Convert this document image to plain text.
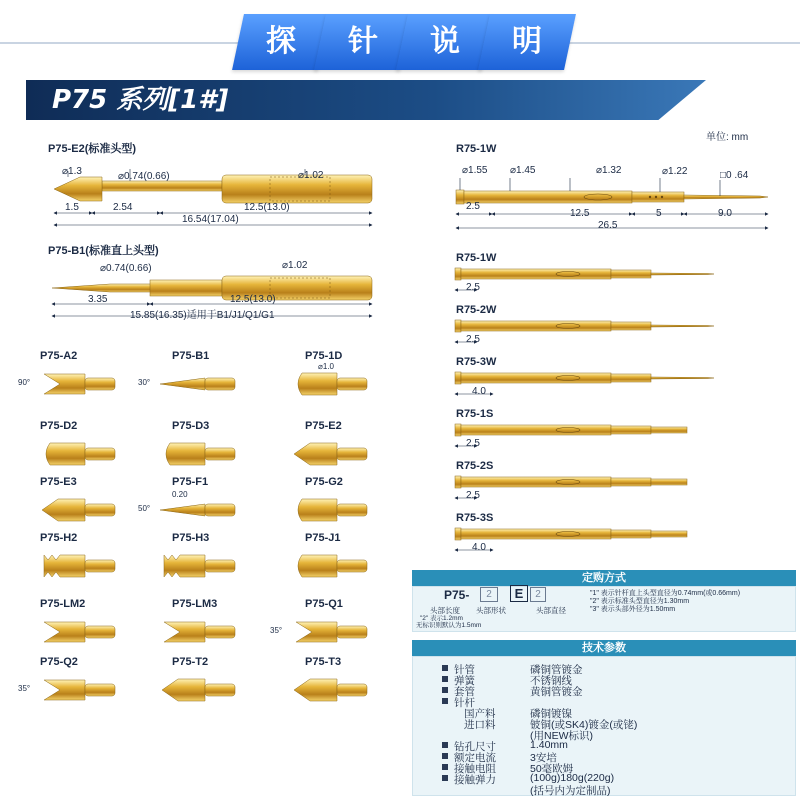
探	针	说	明
P75 系列[1#]
P75-E2(标准头型)
⌀1.3	⌀0.74(0.66)	⌀1.02
1.5	2.54	12.5(13.0)
16.54(17.04)
P75-B1(标准直上头型)
⌀0.74(0.66)	⌀1.02
3.35	12.5(13.0)
15.85(16.35)适用于B1/J1/Q1/G1
P75-A2
90°
P75-B1
30°
P75-1D
⌀1.0
P75-D2	P75-D3	P75-E2
P75-E3	P75-F1
50°
0.20
P75-G2
P75-H2	P75-H3	P75-J1
P75-LM2	P75-LM3	P75-Q1
35°
P75-Q2
35°
P75-T2	P75-T3
单位: mm
R75-1W
⌀1.55 ⌀1.45	⌀1.32	⌀1.22	□0 .64
2.5
12.5	5	9.0
26.5
R75-1W
2.5
R75-2W
2.5
R75-3W
4.0
R75-1S
2.5
R75-2S
2.5
R75-3S
4.0
定购方式
P75-	2	E	2
头部长度 头部形状	头部直径
"2" 表示1.2mm
无标识则默认为1.5mm
"1" 表示针杆直上头型直径为0.74mm(或0.66mm)
"2" 表示标准头型直径为1.30mm
"3" 表示头部外径为1.50mm
技术参数
针管	磷铜管镀金
弹簧	不锈钢线
套管	黄铜管镀金
针杆
国产料	磷铜镀镍
进口料	铍铜(或SK4)镀金(或铑)
(用NEW标识)
钻孔尺寸	1.40mm
额定电流	3安培
接触电阻	50毫欧姆
接触弹力	(100g)180g(220g)
(括号内为定制品)
